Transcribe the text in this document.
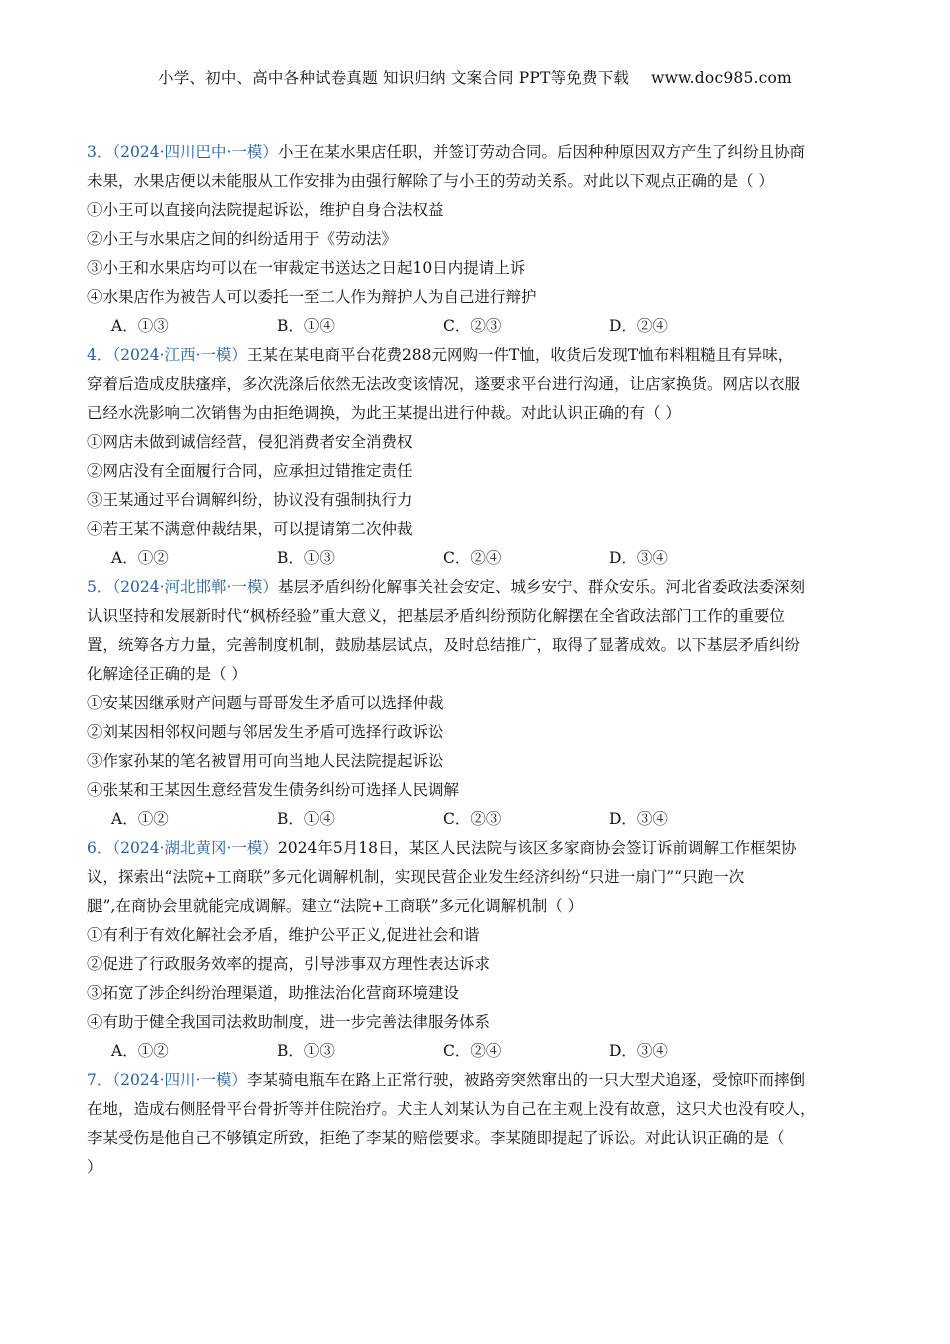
小学、初中、高中各种试卷真题 知识归纳 文案合同 PPT等免费下载 www.doc985.com
3．（2024·四川巴中·一模）小王在某水果店任职，并签订劳动合同。后因种种原因双方产生了纠纷且协商
未果，水果店便以未能服从工作安排为由强行解除了与小王的劳动关系。对此以下观点正确的是（ ）
①小王可以直接向法院提起诉讼，维护自身合法权益
②小王与水果店之间的纠纷适用于《劳动法》
③小王和水果店均可以在一审裁定书送达之日起10日内提请上诉
④水果店作为被告人可以委托一至二人作为辩护人为自己进行辩护
A．①③	B．①④	C．②③	D．②④
4．（2024·江西·一模）王某在某电商平台花费288元网购一件T恤，收货后发现T恤布料粗糙且有异味，
穿着后造成皮肤瘙痒，多次洗涤后依然无法改变该情况，遂要求平台进行沟通，让店家换货。网店以衣服
已经水洗影响二次销售为由拒绝调换，为此王某提出进行仲裁。对此认识正确的有（ ）
①网店未做到诚信经营，侵犯消费者安全消费权
②网店没有全面履行合同，应承担过错推定责任
③王某通过平台调解纠纷，协议没有强制执行力
④若王某不满意仲裁结果，可以提请第二次仲裁
A．①②	B．①③	C．②④	D．③④
5．（2024·河北邯郸·一模）基层矛盾纠纷化解事关社会安定、城乡安宁、群众安乐。河北省委政法委深刻
认识坚持和发展新时代“枫桥经验”重大意义，把基层矛盾纠纷预防化解摆在全省政法部门工作的重要位
置，统筹各方力量，完善制度机制，鼓励基层试点，及时总结推广，取得了显著成效。以下基层矛盾纠纷
化解途径正确的是（ ）
①安某因继承财产问题与哥哥发生矛盾可以选择仲裁
②刘某因相邻权问题与邻居发生矛盾可选择行政诉讼
③作家孙某的笔名被冒用可向当地人民法院提起诉讼
④张某和王某因生意经营发生债务纠纷可选择人民调解
A．①②	B．①④	C．②③	D．③④
6．（2024·湖北黄冈·一模）2024年5月18日，某区人民法院与该区多家商协会签订诉前调解工作框架协
议，探索出“法院+工商联”多元化调解机制，实现民营企业发生经济纠纷“只进一扇门”“只跑一次
腿”,在商协会里就能完成调解。建立“法院+工商联”多元化调解机制（ ）
①有利于有效化解社会矛盾，维护公平正义,促进社会和谐
②促进了行政服务效率的提高，引导涉事双方理性表达诉求
③拓宽了涉企纠纷治理渠道，助推法治化营商环境建设
④有助于健全我国司法救助制度，进一步完善法律服务体系
A．①②	B．①③	C．②④	D．③④
7．（2024·四川·一模）李某骑电瓶车在路上正常行驶，被路旁突然窜出的一只大型犬追逐，受惊吓而摔倒
在地，造成右侧胫骨平台骨折等并住院治疗。犬主人刘某认为自己在主观上没有故意，这只犬也没有咬人，
李某受伤是他自己不够镇定所致，拒绝了李某的赔偿要求。李某随即提起了诉讼。对此认识正确的是（
）
